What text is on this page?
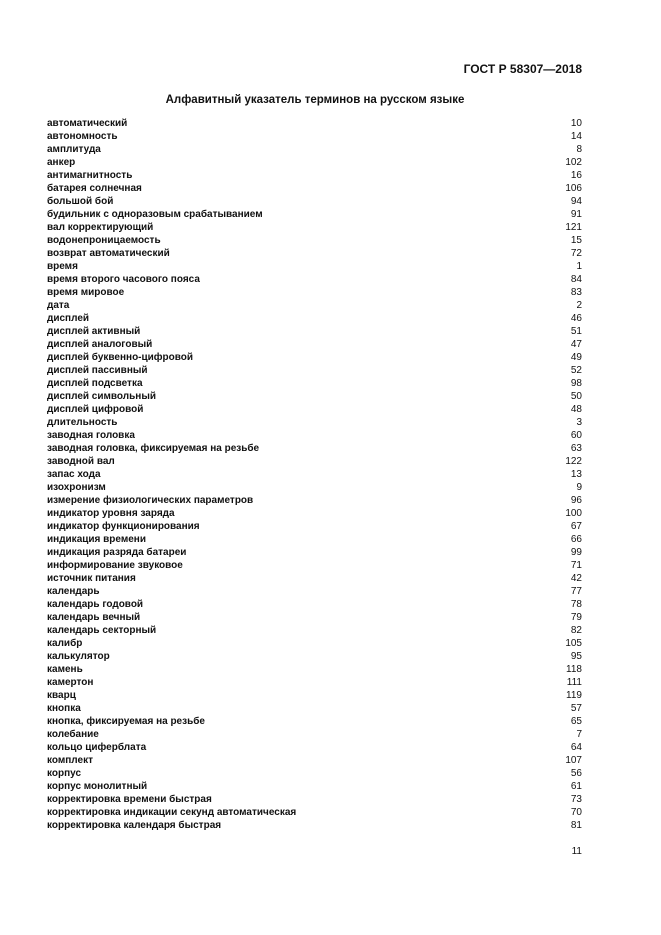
ГОСТ Р 58307—2018
Алфавитный указатель терминов на русском языке
автоматический	10
автономность	14
амплитуда	8
анкер	102
антимагнитность	16
батарея солнечная	106
большой бой	94
будильник с одноразовым срабатыванием	91
вал корректирующий	121
водонепроницаемость	15
возврат автоматический	72
время	1
время второго часового пояса	84
время мировое	83
дата	2
дисплей	46
дисплей активный	51
дисплей аналоговый	47
дисплей буквенно-цифровой	49
дисплей пассивный	52
дисплей подсветка	98
дисплей символьный	50
дисплей цифровой	48
длительность	3
заводная головка	60
заводная головка, фиксируемая на резьбе	63
заводной вал	122
запас хода	13
изохронизм	9
измерение физиологических параметров	96
индикатор уровня заряда	100
индикатор функционирования	67
индикация времени	66
индикация разряда батареи	99
информирование звуковое	71
источник питания	42
календарь	77
календарь годовой	78
календарь вечный	79
календарь секторный	82
калибр	105
калькулятор	95
камень	118
камертон	111
кварц	119
кнопка	57
кнопка, фиксируемая на резьбе	65
колебание	7
кольцо циферблата	64
комплект	107
корпус	56
корпус монолитный	61
корректировка времени быстрая	73
корректировка индикации секунд автоматическая	70
корректировка календаря быстрая	81
11
